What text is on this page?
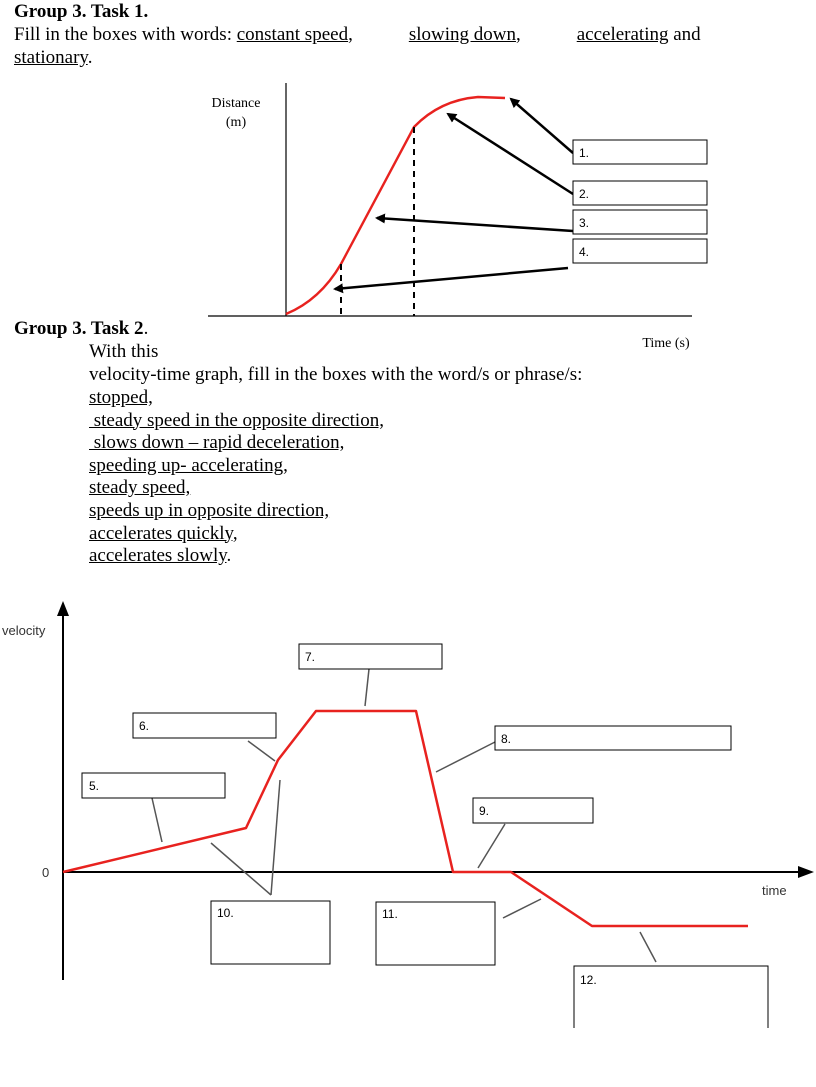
Group 3. Task 1.
Fill in the boxes with words: constant speed,	slowing down,	accelerating and
stationary.
Group 3. Task 2.
With this
velocity-time graph, fill in the boxes with the word/s or phrase/s:
stopped,
steady speed in the opposite direction,
slows down – rapid deceleration,
speeding up- accelerating,
steady speed,
speeds up in opposite direction,
accelerates quickly,
accelerates slowly.
Distance
(m)
Time (s)
1.
2.
3.
4.
velocity
time
0
5.
6.
7.
8.
9.
10.	11.
12.
